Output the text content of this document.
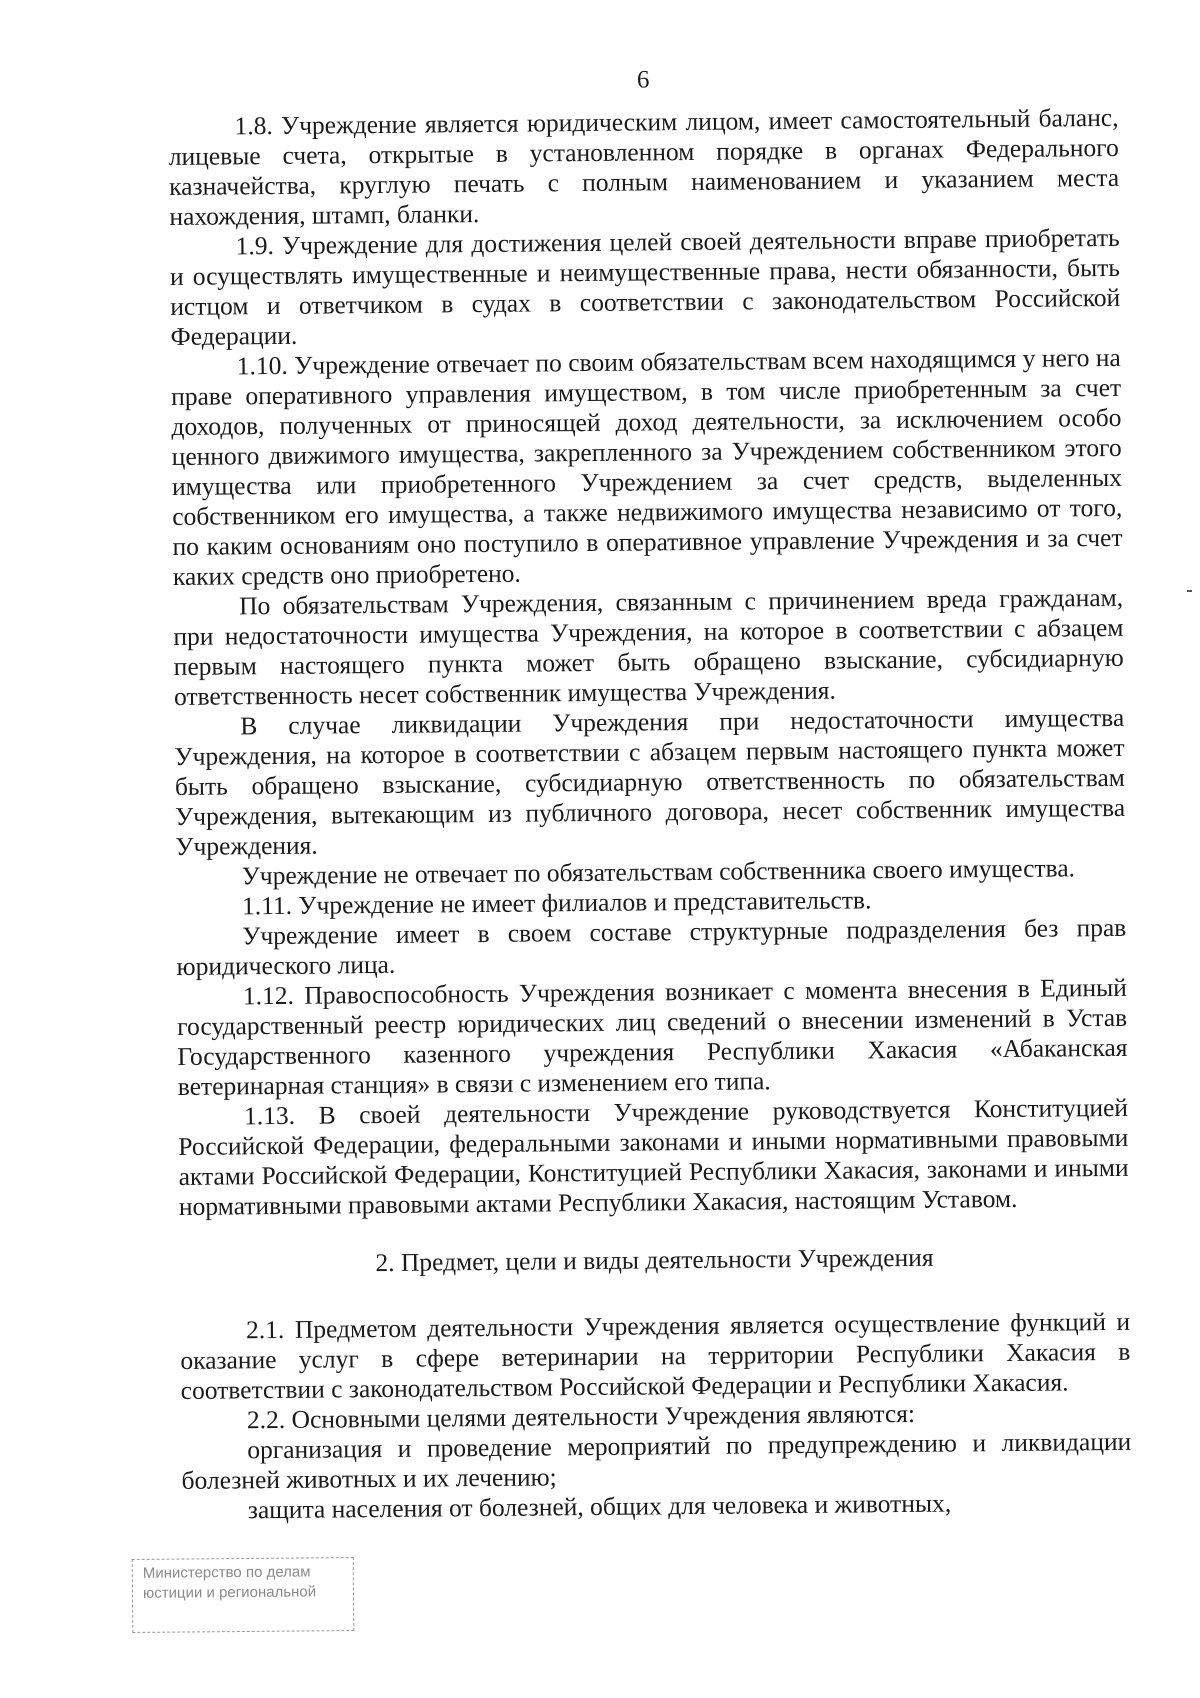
6

1.8. Учреждение является юридическим лицом, имеет самостоятельный баланс, лицевые счета, открытые в установленном порядке в органах Федерального казначейства, круглую печать с полным наименованием и указанием места нахождения, штамп, бланки.

1.9. Учреждение для достижения целей своей деятельности вправе приобретать и осуществлять имущественные и неимущественные права, нести обязанности, быть истцом и ответчиком в судах в соответствии с законодательством Российской Федерации.

1.10. Учреждение отвечает по своим обязательствам всем находящимся у него на праве оперативного управления имуществом, в том числе приобретенным за счет доходов, полученных от приносящей доход деятельности, за исключением особо ценного движимого имущества, закрепленного за Учреждением собственником этого имущества или приобретенного Учреждением за счет средств, выделенных собственником его имущества, а также недвижимого имущества независимо от того, по каким основаниям оно поступило в оперативное управление Учреждения и за счет каких средств оно приобретено.

По обязательствам Учреждения, связанным с причинением вреда гражданам, при недостаточности имущества Учреждения, на которое в соответствии с абзацем первым настоящего пункта может быть обращено взыскание, субсидиарную ответственность несет собственник имущества Учреждения.

В случае ликвидации Учреждения при недостаточности имущества Учреждения, на которое в соответствии с абзацем первым настоящего пункта может быть обращено взыскание, субсидиарную ответственность по обязательствам Учреждения, вытекающим из публичного договора, несет собственник имущества Учреждения.

Учреждение не отвечает по обязательствам собственника своего имущества.

1.11. Учреждение не имеет филиалов и представительств.

Учреждение имеет в своем составе структурные подразделения без прав юридического лица.

1.12. Правоспособность Учреждения возникает с момента внесения в Единый государственный реестр юридических лиц сведений о внесении изменений в Устав Государственного казенного учреждения Республики Хакасия «Абаканская ветеринарная станция» в связи с изменением его типа.

1.13. В своей деятельности Учреждение руководствуется Конституцией Российской Федерации, федеральными законами и иными нормативными правовыми актами Российской Федерации, Конституцией Республики Хакасия, законами и иными нормативными правовыми актами Республики Хакасия, настоящим Уставом.

2. Предмет, цели и виды деятельности Учреждения

2.1. Предметом деятельности Учреждения является осуществление функций и оказание услуг в сфере ветеринарии на территории Республики Хакасия в соответствии с законодательством Российской Федерации и Республики Хакасия.

2.2. Основными целями деятельности Учреждения являются:

организация и проведение мероприятий по предупреждению и ликвидации болезней животных и их лечению;

защита населения от болезней, общих для человека и животных,

Министерство по делам
юстиции и региональной
